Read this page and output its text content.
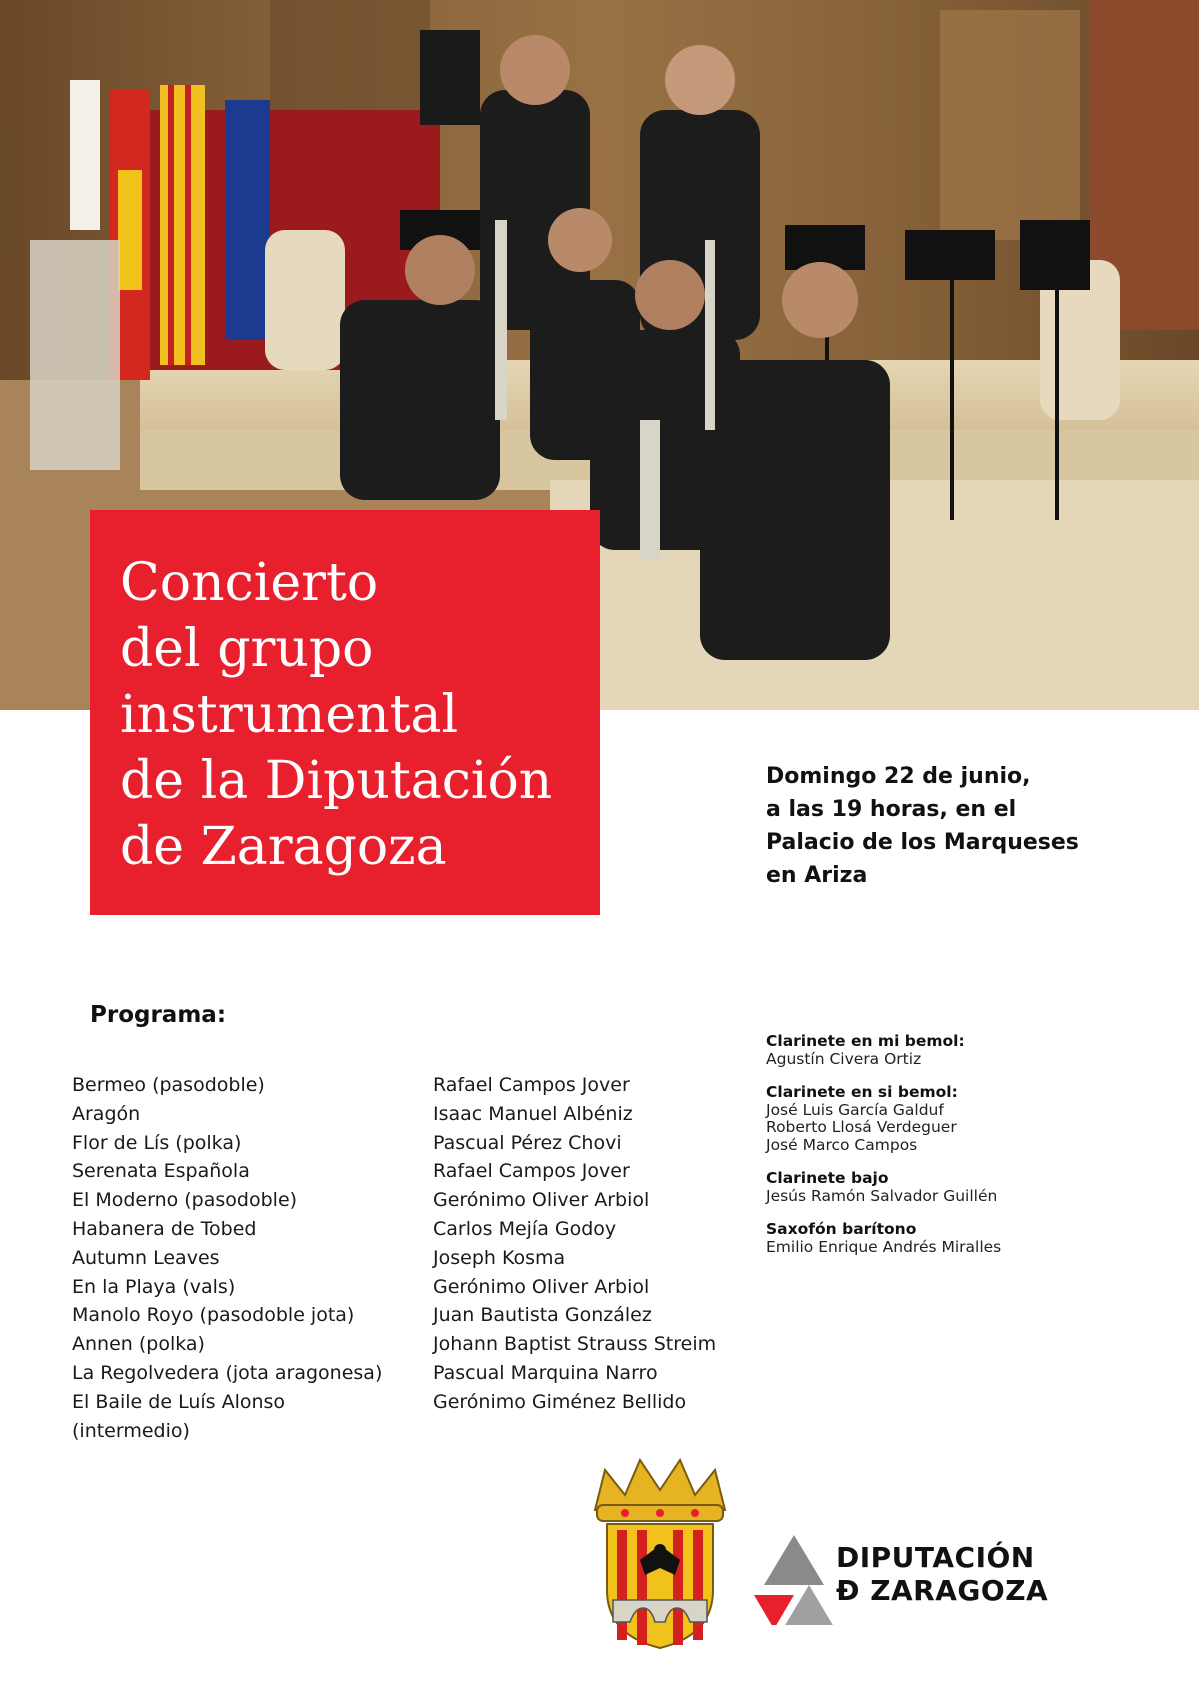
Concierto
del grupo
instrumental
de la Diputación
de Zaragoza
Domingo 22 de junio,
a las 19 horas, en el
Palacio de los Marqueses
en Ariza
Programa:
Bermeo (pasodoble)
Aragón
Flor de Lís (polka)
Serenata Española
El Moderno (pasodoble)
Habanera de Tobed
Autumn Leaves
En la Playa (vals)
Manolo Royo (pasodoble jota)
Annen (polka)
La Regolvedera (jota aragonesa)
El Baile de Luís Alonso
(intermedio)
Rafael Campos Jover
Isaac Manuel Albéniz
Pascual Pérez Chovi
Rafael Campos Jover
Gerónimo Oliver Arbiol
Carlos Mejía Godoy
Joseph Kosma
Gerónimo Oliver Arbiol
Juan Bautista González
Johann Baptist Strauss Streim
Pascual Marquina Narro
Gerónimo Giménez Bellido
Clarinete en mi bemol:
Agustín Civera Ortiz
Clarinete en si bemol:
José Luis García Galduf
Roberto Llosá Verdeguer
José Marco Campos
Clarinete bajo
Jesús Ramón Salvador Guillén
Saxofón barítono
Emilio Enrique Andrés Miralles
DIPUTACIÓN
Ð ZARAGOZA
